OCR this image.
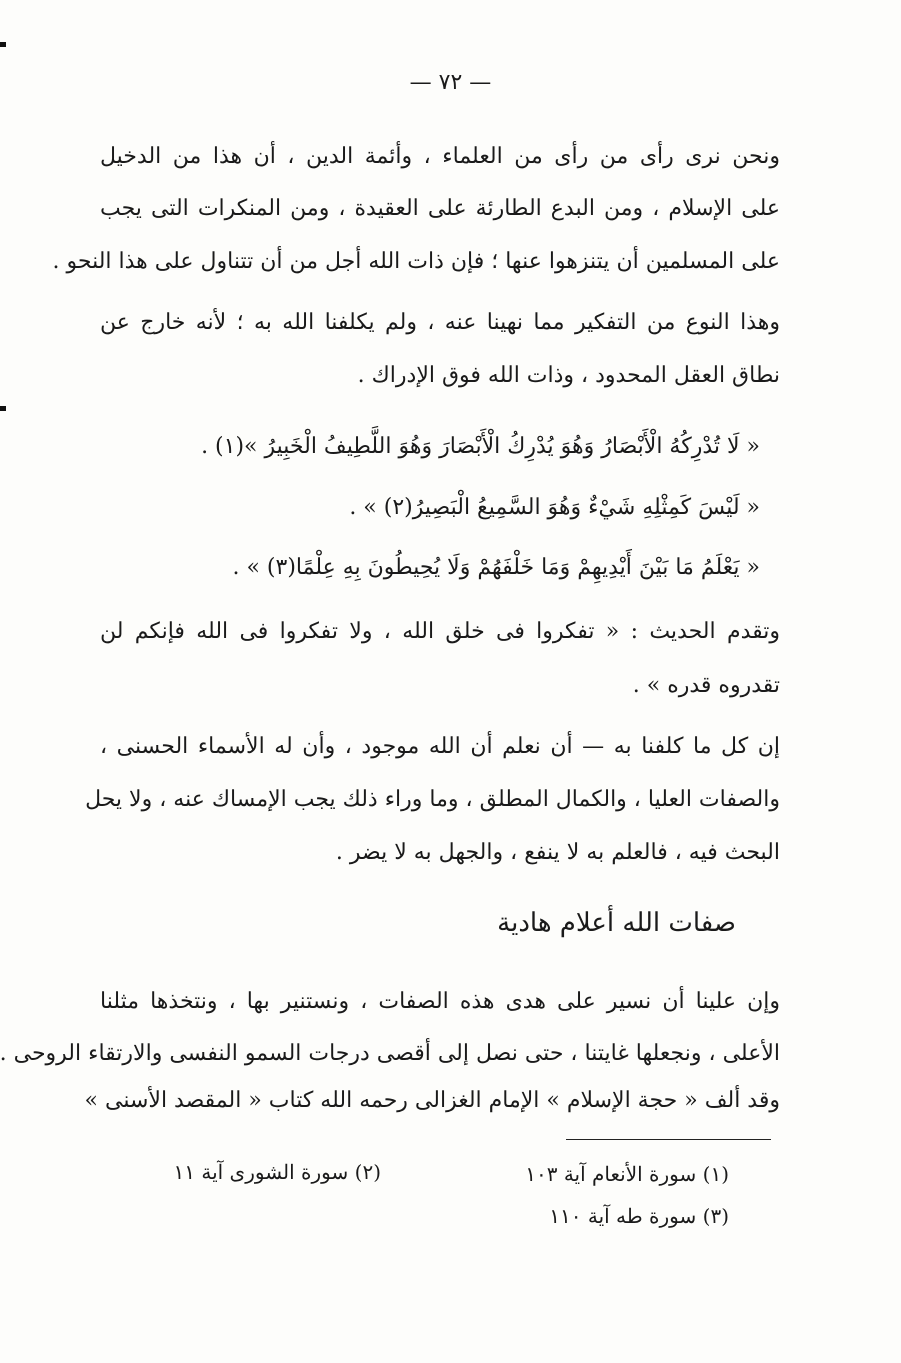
— ٧٢ —
ونحن نرى رأى من رأى من العلماء ، وأئمة الدين ، أن هذا من الدخيل
على الإسلام ، ومن البدع الطارئة على العقيدة ، ومن المنكرات التى يجب
على المسلمين أن يتنزهوا عنها ؛ فإن ذات الله أجل من أن تتناول على هذا النحو .
وهذا النوع من التفكير مما نهينا عنه ، ولم يكلفنا الله به ؛ لأنه خارج عن
نطاق العقل المحدود ، وذات الله فوق الإدراك .
« لَا تُدْرِكُهُ الْأَبْصَارُ وَهُوَ يُدْرِكُ الْأَبْصَارَ وَهُوَ اللَّطِيفُ الْخَبِيرُ »(١) .
« لَيْسَ كَمِثْلِهِ شَيْءٌ وَهُوَ السَّمِيعُ الْبَصِيرُ(٢) » .
« يَعْلَمُ مَا بَيْنَ أَيْدِيهِمْ وَمَا خَلْفَهُمْ وَلَا يُحِيطُونَ بِهِ عِلْمًا(٣) » .
وتقدم الحديث : « تفكروا فى خلق الله ، ولا تفكروا فى الله فإنكم لن
تقدروه قدره » .
إن كل ما كلفنا به — أن نعلم أن الله موجود ، وأن له الأسماء الحسنى ،
والصفات العليا ، والكمال المطلق ، وما وراء ذلك يجب الإمساك عنه ، ولا يحل
البحث فيه ، فالعلم به لا ينفع ، والجهل به لا يضر .
صفات الله أعلام هادية
وإن علينا أن نسير على هدى هذه الصفات ، ونستنير بها ، ونتخذها مثلنا
الأعلى ، ونجعلها غايتنا ، حتى نصل إلى أقصى درجات السمو النفسى والارتقاء الروحى .
وقد ألف « حجة الإسلام » الإمام الغزالى رحمه الله كتاب « المقصد الأسنى »
(١) سورة الأنعام آية ١٠٣
(٢) سورة الشورى آية ١١
(٣) سورة طه آية ١١٠
